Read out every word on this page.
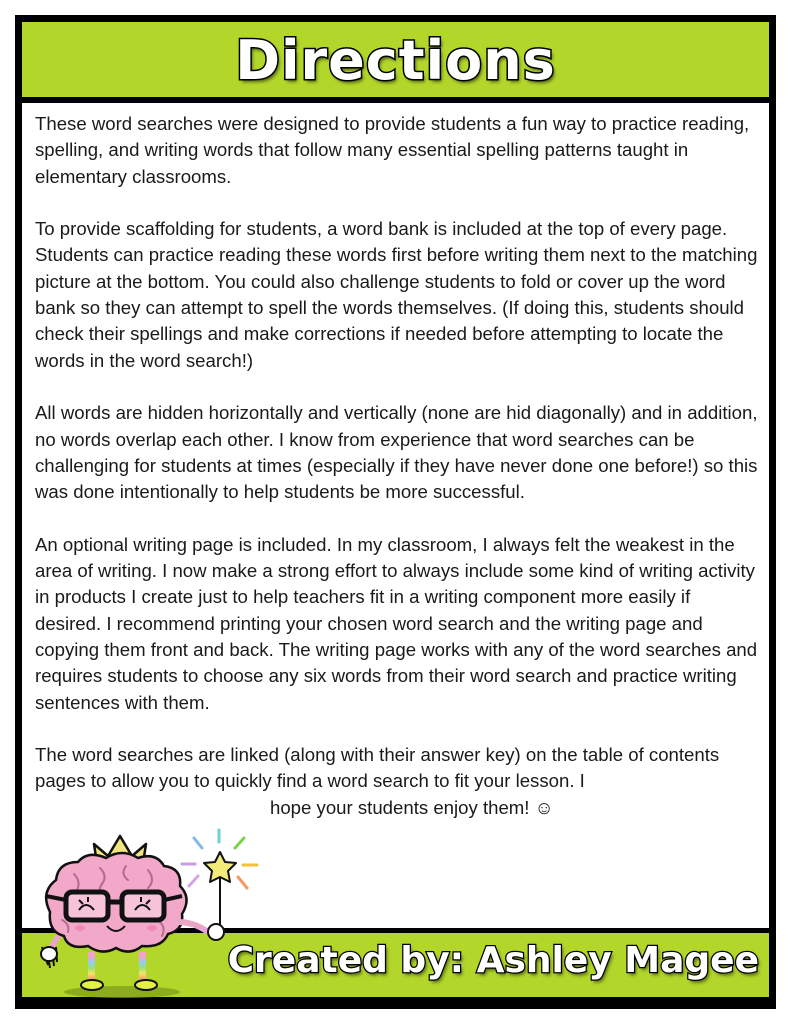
Directions

These word searches were designed to provide students a fun way to practice reading, spelling, and writing words that follow many essential spelling patterns taught in elementary classrooms.

To provide scaffolding for students, a word bank is included at the top of every page. Students can practice reading these words first before writing them next to the matching picture at the bottom. You could also challenge students to fold or cover up the word bank so they can attempt to spell the words themselves. (If doing this, students should check their spellings and make corrections if needed before attempting to locate the words in the word search!)

All words are hidden horizontally and vertically (none are hid diagonally) and in addition, no words overlap each other. I know from experience that word searches can be challenging for students at times (especially if they have never done one before!) so this was done intentionally to help students be more successful.

An optional writing page is included. In my classroom, I always felt the weakest in the area of writing. I now make a strong effort to always include some kind of writing activity in products I create just to help teachers fit in a writing component more easily if desired. I recommend printing your chosen word search and the writing page and copying them front and back. The writing page works with any of the word searches and requires students to choose any six words from their word search and practice writing sentences with them.

The word searches are linked (along with their answer key) on the table of contents pages to allow you to quickly find a word search to fit your lesson. I

hope your students enjoy them! ☺

Created by: Ashley Magee
